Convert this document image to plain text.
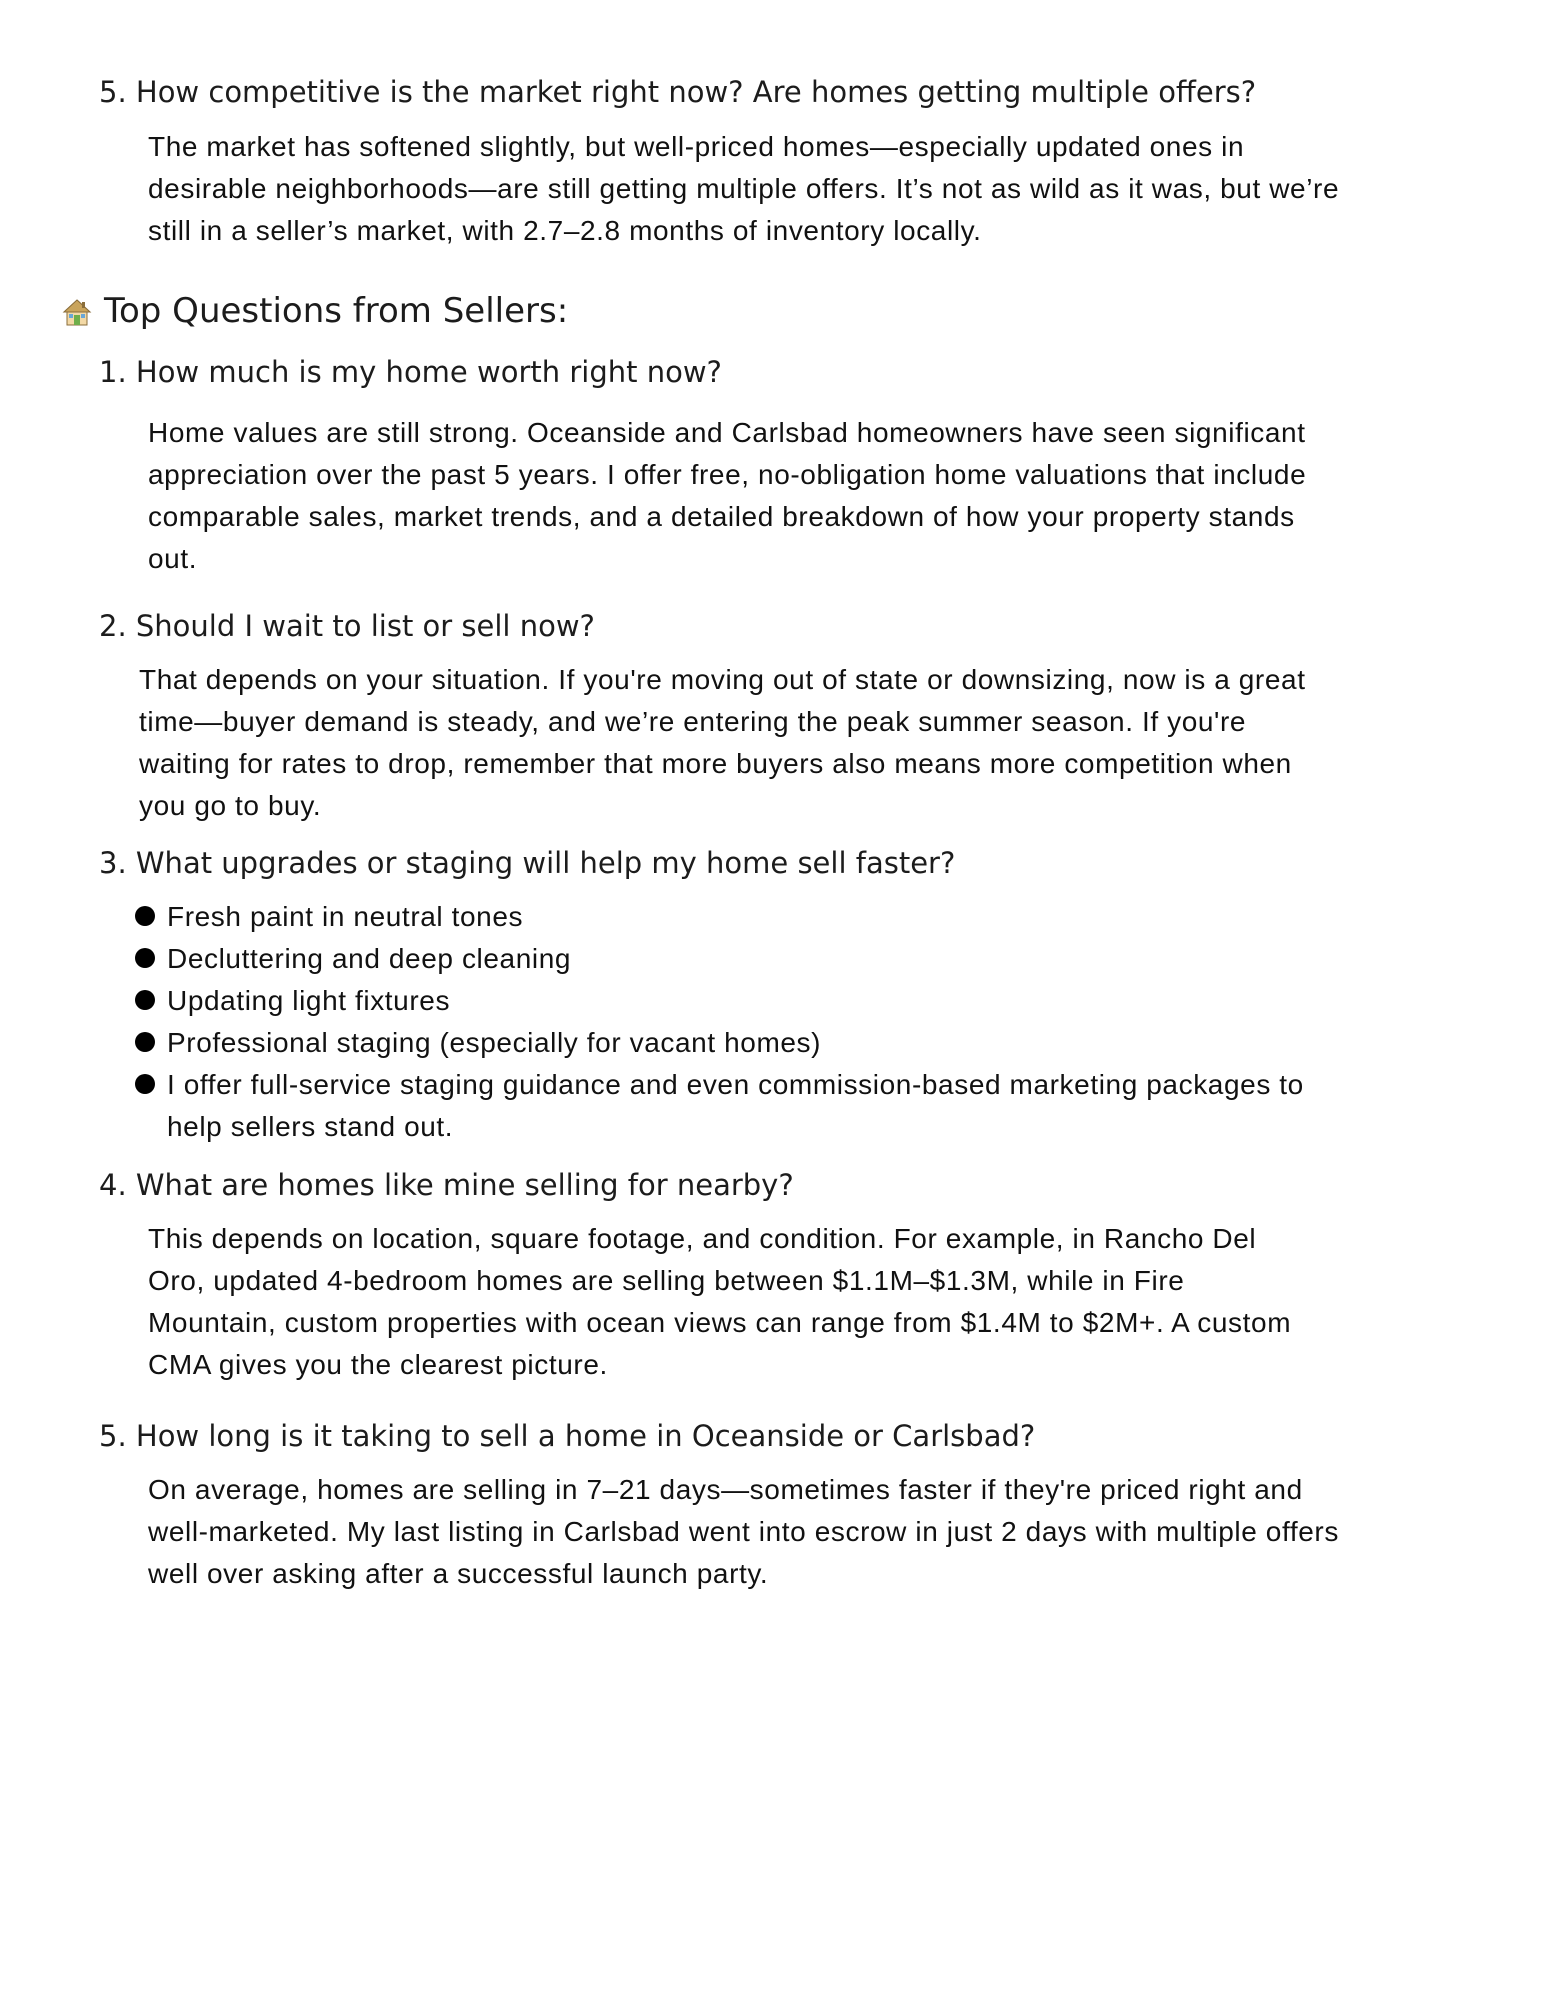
5. How competitive is the market right now? Are homes getting multiple offers?

The market has softened slightly, but well-priced homes—especially updated ones in desirable neighborhoods—are still getting multiple offers. It’s not as wild as it was, but we’re still in a seller’s market, with 2.7–2.8 months of inventory locally.

Top Questions from Sellers:
1. How much is my home worth right now?

Home values are still strong. Oceanside and Carlsbad homeowners have seen significant appreciation over the past 5 years. I offer free, no-obligation home valuations that include comparable sales, market trends, and a detailed breakdown of how your property stands out.

2. Should I wait to list or sell now?

That depends on your situation. If you're moving out of state or downsizing, now is a great time—buyer demand is steady, and we’re entering the peak summer season. If you're waiting for rates to drop, remember that more buyers also means more competition when you go to buy.

3. What upgrades or staging will help my home sell faster?
Fresh paint in neutral tones
Decluttering and deep cleaning
Updating light fixtures
Professional staging (especially for vacant homes)
I offer full-service staging guidance and even commission-based marketing packages to help sellers stand out.
4. What are homes like mine selling for nearby?

This depends on location, square footage, and condition. For example, in Rancho Del Oro, updated 4-bedroom homes are selling between $1.1M–$1.3M, while in Fire Mountain, custom properties with ocean views can range from $1.4M to $2M+. A custom CMA gives you the clearest picture.

5. How long is it taking to sell a home in Oceanside or Carlsbad?

On average, homes are selling in 7–21 days—sometimes faster if they're priced right and well-marketed. My last listing in Carlsbad went into escrow in just 2 days with multiple offers well over asking after a successful launch party.
